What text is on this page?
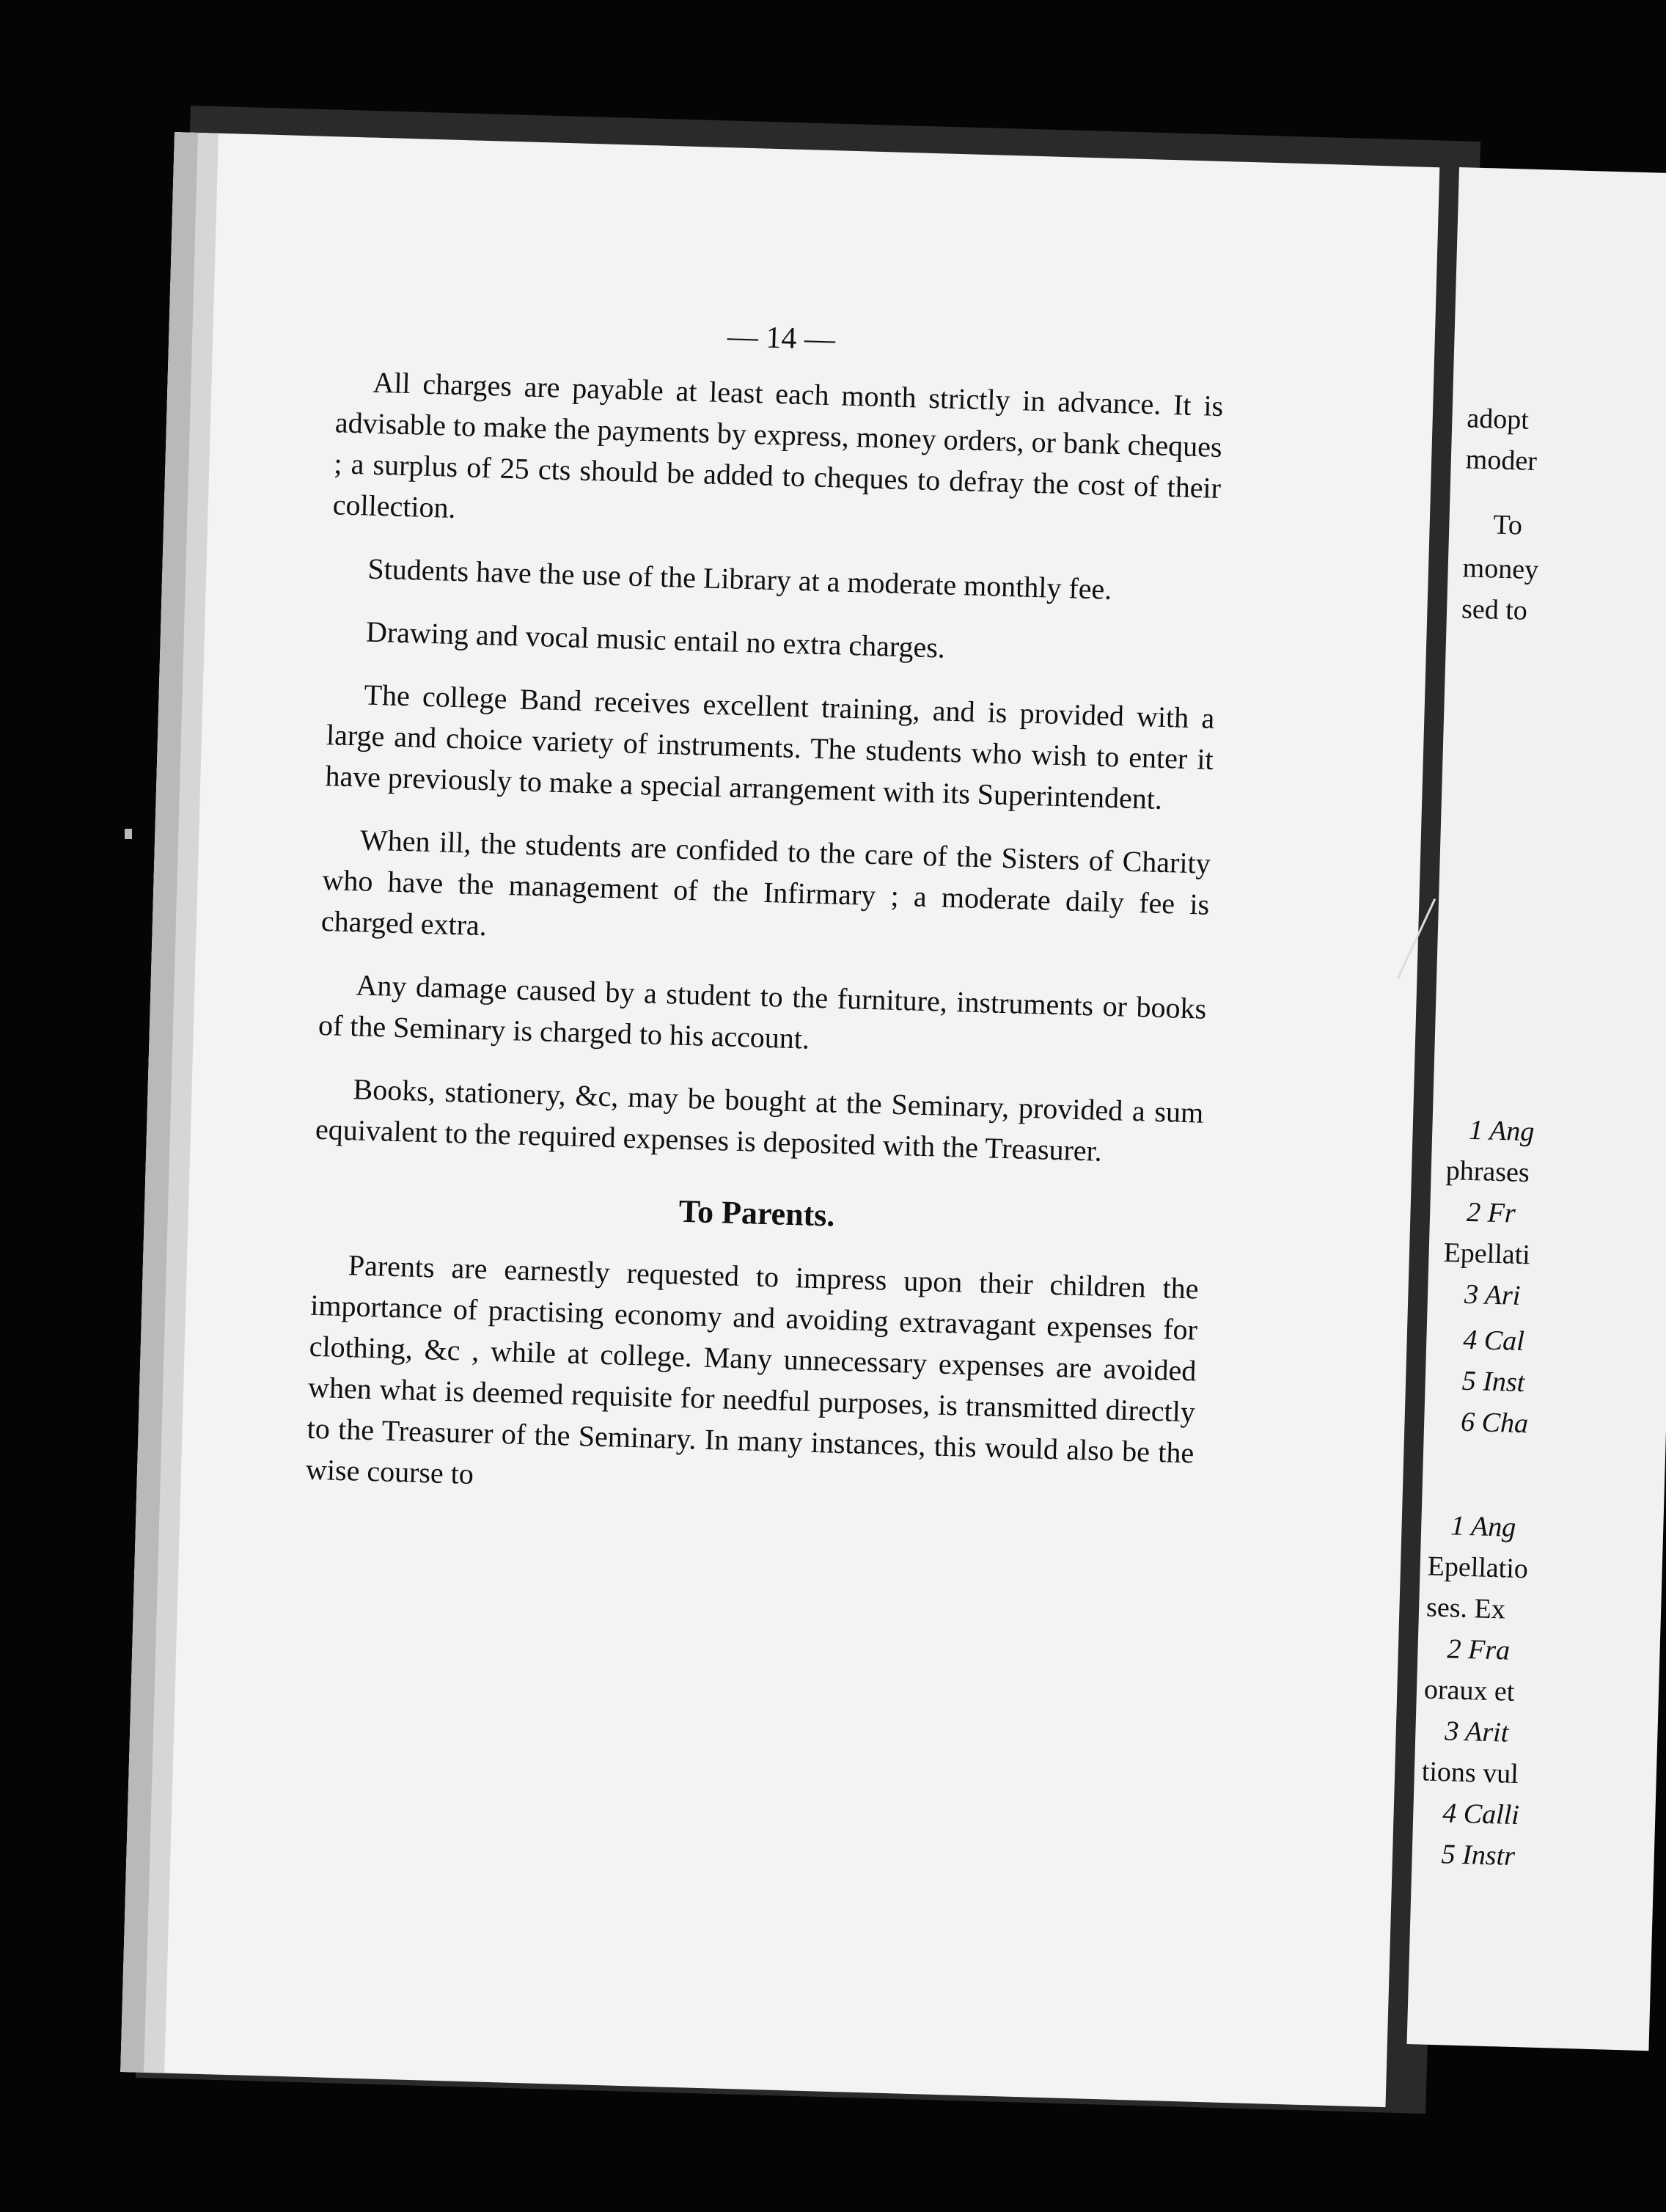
— 14 —

All charges are payable at least each month strictly in advance. It is advisable to make the payments by express, money orders, or bank cheques ; a surplus of 25 cts should be added to cheques to defray the cost of their collection.

Students have the use of the Library at a moderate monthly fee.

Drawing and vocal music entail no extra charges.

The college Band receives excellent training, and is provided with a large and choice variety of instruments. The students who wish to enter it have previously to make a special arrangement with its Superintendent.

When ill, the students are confided to the care of the Sisters of Charity who have the management of the Infirmary ; a moderate daily fee is charged extra.

Any damage caused by a student to the furniture, instruments or books of the Seminary is charged to his account.

Books, stationery, &c, may be bought at the Seminary, provided a sum equivalent to the required expenses is deposited with the Treasurer.

To Parents.

Parents are earnestly requested to impress upon their children the importance of practising economy and avoiding extravagant expenses for clothing, &c , while at college. Many unnecessary expenses are avoided when what is deemed requisite for needful purposes, is transmitted directly to the Treasurer of the Seminary. In many instances, this would also be the wise course to

adopt
moder
To
money
sed to
1 Ang
phrases
2 Fr
Epellati
3 Ari
4 Cal
5 Inst
6 Cha
1 Ang
Epellatio
ses. Ex
2 Fra
oraux et
3 Arit
tions vul
4 Calli
5 Instr
